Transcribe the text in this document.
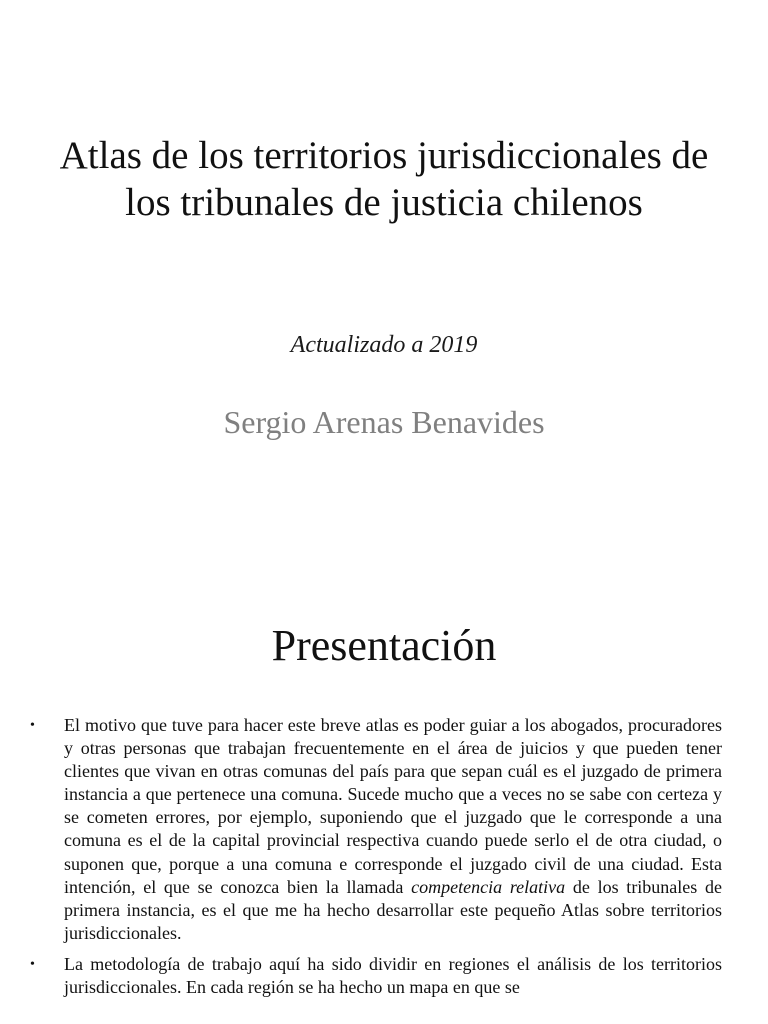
Atlas de los territorios jurisdiccionales de los tribunales de justicia chilenos

Actualizado a 2019

Sergio Arenas Benavides

Presentación
•	El motivo que tuve para hacer este breve atlas es poder guiar a los abogados, procuradores y otras personas que trabajan frecuentemente en el área de juicios y que pueden tener clientes que vivan en otras comunas del país para que sepan cuál es el juzgado de primera instancia a que pertenece una comuna. Sucede mucho que a veces no se sabe con certeza y se cometen errores, por ejemplo, suponiendo que el juzgado que le corresponde a una comuna es el de la capital provincial respectiva cuando puede serlo el de otra ciudad, o suponen que, porque a una comuna e corresponde el juzgado civil de una ciudad. Esta intención, el que se conozca bien la llamada competencia relativa de los tribunales de primera instancia, es el que me ha hecho desarrollar este pequeño Atlas sobre territorios jurisdiccionales.
•	La metodología de trabajo aquí ha sido dividir en regiones el análisis de los territorios jurisdiccionales. En cada región se ha hecho un mapa en que se
